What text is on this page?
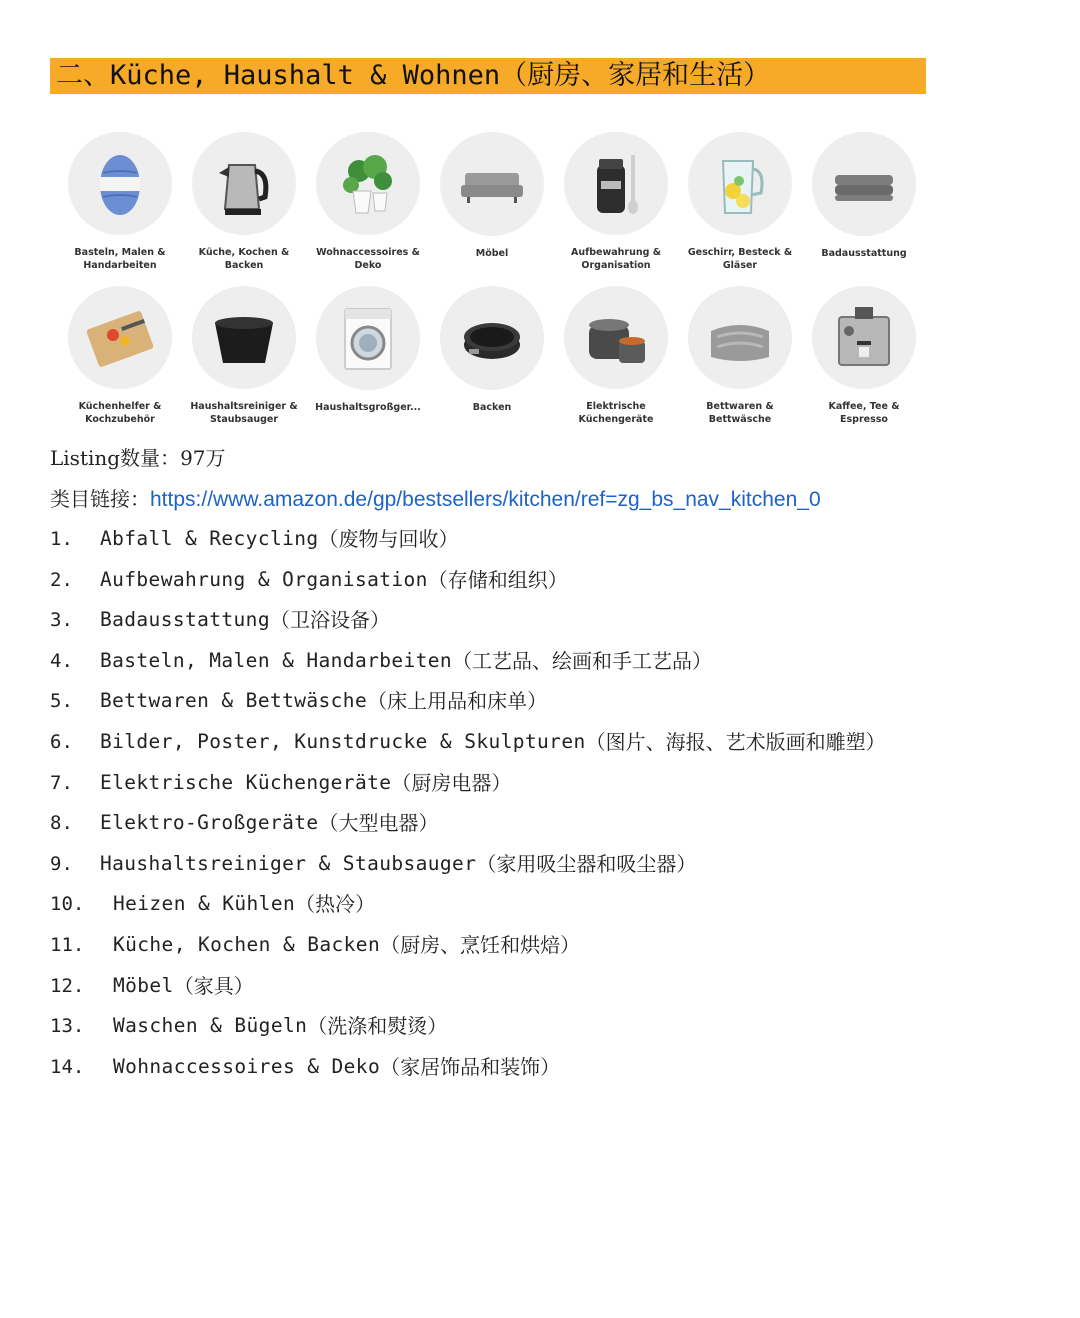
二、Küche, Haushalt & Wohnen（厨房、家居和生活）
Basteln, Malen & Handarbeiten
Küche, Kochen & Backen
Wohnaccessoires & Deko
Möbel	Aufbewahrung & Organisation
Geschirr, Besteck & Gläser
Badausstattung
Küchenhelfer & Kochzubehör
Haushaltsreiniger & Staubsauger
Haushaltsgroßger...	Backen	Elektrische Küchengeräte
Bettwaren & Bettwäsche
Kaffee, Tee & Espresso
Listing数量：97万
类目链接：https://www.amazon.de/gp/bestsellers/kitchen/ref=zg_bs_nav_kitchen_0
1.	Abfall & Recycling （废物与回收）
2.	Aufbewahrung & Organisation （存储和组织）
3.	Badausstattung （卫浴设备）
4.	Basteln, Malen & Handarbeiten （工艺品、绘画和手工艺品）
5.	Bettwaren & Bettwäsche （床上用品和床单）
6.	Bilder, Poster, Kunstdrucke & Skulpturen （图片、海报、艺术版画和雕塑）
7.	Elektrische Küchengeräte （厨房电器）
8.	Elektro-Großgeräte （大型电器）
9.	Haushaltsreiniger & Staubsauger （家用吸尘器和吸尘器）
10.	Heizen & Kühlen （热冷）
11.	Küche, Kochen & Backen （厨房、烹饪和烘焙）
12.	Möbel （家具）
13.	Waschen & Bügeln （洗涤和熨烫）
14.	Wohnaccessoires & Deko （家居饰品和装饰）
